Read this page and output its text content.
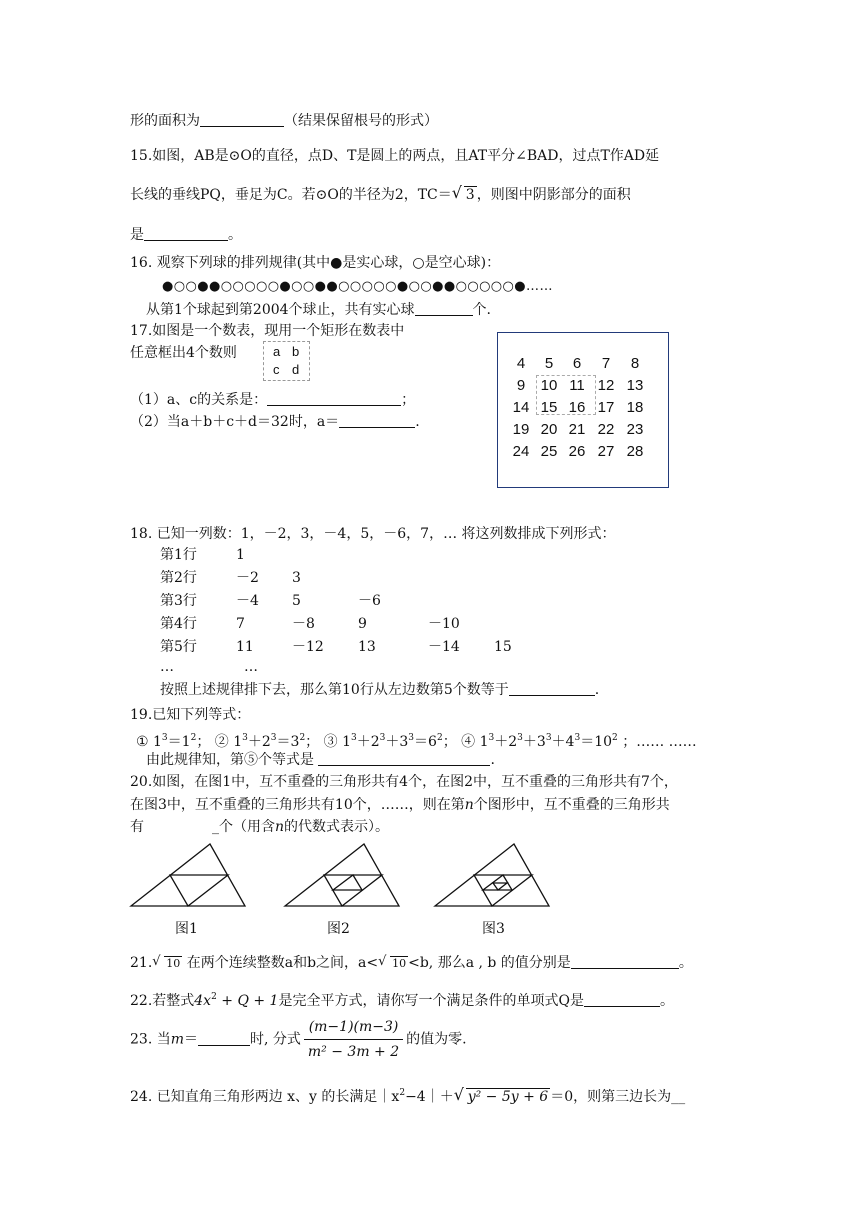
形的面积为	（结果保留根号的形式）
15.如图，AB是⊙O的直径，点D、T是圆上的两点，且AT平分∠BAD，过点T作AD延
长线的垂线PQ，垂足为C。若⊙O的半径为2，TC＝ √ 3 ，则图中阴影部分的面积
是	。
16. 观察下列球的排列规律(其中●是实心球，○是空心球)：
●○○●●○○○○○●○○●●○○○○○●○○●●○○○○○●……
从第1个球起到第2004个球止，共有实心球	个.
17.如图是一个数表，现用一个矩形在数表中
任意框出4个数则	a b
c d
（1）a、c的关系是：	；
（2）当a＋b＋c＋d＝32时，a＝	.
4	5	6	7	8
9	10 11 12 13
14 15 16 17 18
19 20 21 22 23
24 25 26 27 28
18. 已知一列数：1，－2，3，－4，5，－6，7，… 将这列数排成下列形式：
第1行	1
第2行	－2 3
第3行	－4 5	－6
第4行	7	－8	9	－10
第5行	11	－12 13	－14 15
…	…
按照上述规律排下去，那么第10行从左边数第5个数等于	.
19.已知下列等式：
① $1^3=1^2$； ② $1^3+2^3=3^2$； ③ $1^3+2^3+3^3=6^2$； ④ $1^3+2^3+3^3+4^3=10^2$ ；…… ……
由此规律知，第⑤个等式是	.
20.如图，在图1中，互不重叠的三角形共有4个，在图2中，互不重叠的三角形共有7个，
在图3中，互不重叠的三角形共有10个，……，则在第n个图形中，互不重叠的三角形共
有	_个（用含n的代数式表示）。
图1	图2	图3
21. √ 10 在两个连续整数a和b之间，a< √ 10 <b, 那么a , b 的值分别是	。
22.若整式$4x^2 + Q + 1$是完全平方式，请你写一个满足条件的单项式Q是	。
23. 当m＝	时, 分式 $\frac{(m-1)(m-3)}{\text{m² − 3m + 2}}$ 的值为零.
24. 已知直角三角形两边 x、y 的长满足$|x^2-4|+$ √ y² − 5y + 6 ＝0，则第三边长为__
